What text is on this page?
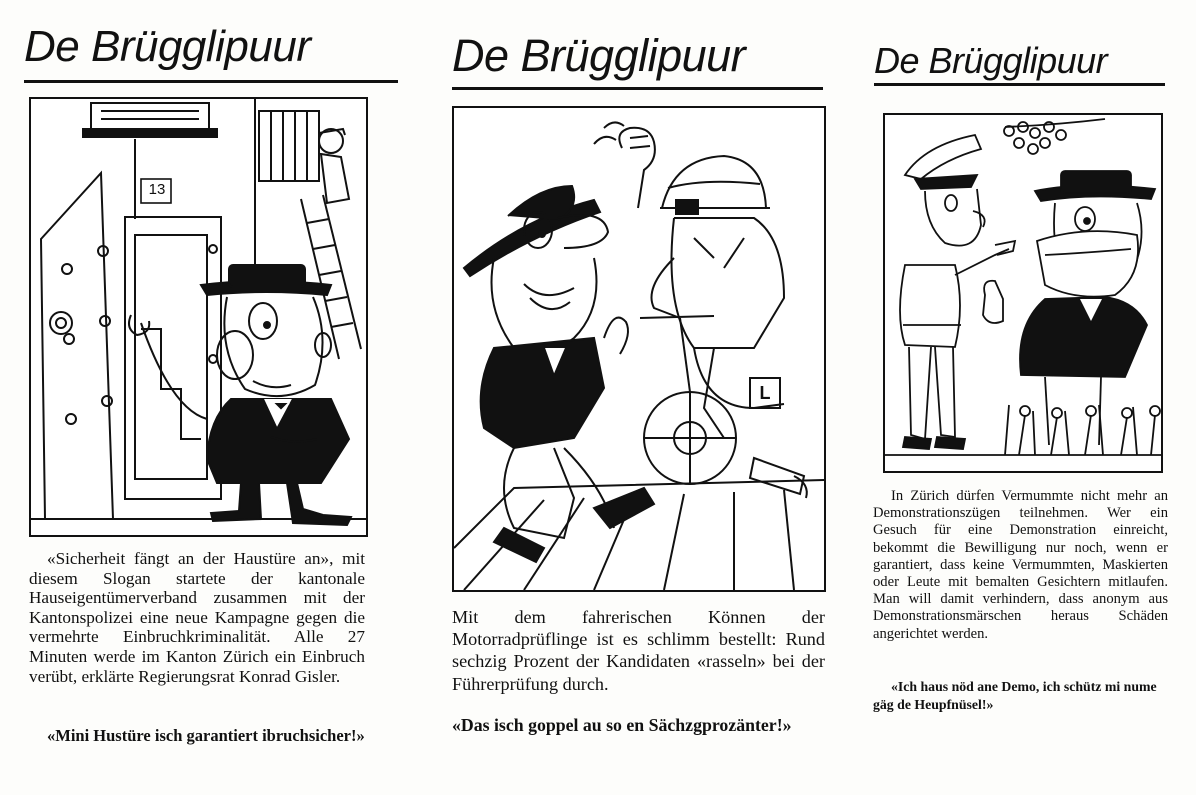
De Brügglipuur
13

«Sicherheit fängt an der Haustüre an», mit diesem Slogan startete der kantonale Hauseigentümerverband zusammen mit der Kantonspolizei eine neue Kampagne gegen die vermehrte Einbruchkriminalität. Alle 27 Minuten werde im Kanton Zürich ein Einbruch verübt, erklärte Regierungsrat Konrad Gisler.

«Mini Hustüre isch garantiert ibruchsicher!»
De Brügglipuur
L

Mit dem fahrerischen Können der Motorradprüflinge ist es schlimm bestellt: Rund sechzig Prozent der Kandidaten «rasseln» bei der Führerprüfung durch.

«Das isch goppel au so en Sächzgprozänter!»
De Brügglipuur

In Zürich dürfen Vermummte nicht mehr an Demonstrationszügen teilnehmen. Wer ein Gesuch für eine Demonstration einreicht, bekommt die Bewilligung nur noch, wenn er garantiert, dass keine Vermummten, Maskierten oder Leute mit bemalten Gesichtern mitlaufen. Man will damit verhindern, dass anonym aus Demonstrationsmärschen heraus Schäden angerichtet werden.

«Ich haus nöd ane Demo, ich schütz mi nume gäg de Heupfnüsel!»
